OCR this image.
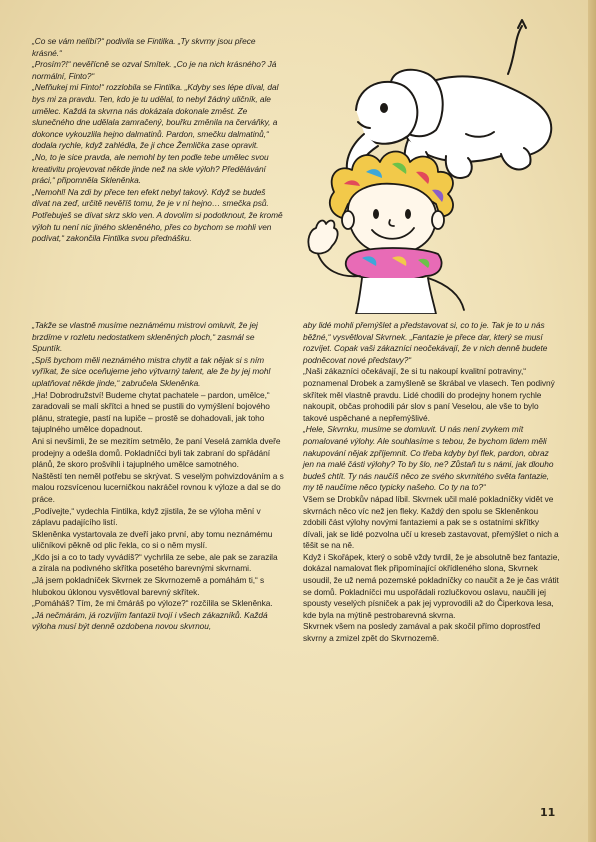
„Co se vám nelíbí?“ podivila se Fintilka. „Ty skvrny jsou přece krásné.“

„Prosím?!“ nevěřícně se ozval Smítek. „Co je na nich krásného? Já normální, Finto?“

„Nefňukej mi Finto!“ rozzlobila se Fintilka. „Kdyby ses lépe díval, dal bys mi za pravdu. Ten, kdo je tu udělal, to nebyl žádný uličník, ale umělec. Každá ta skvrna nás dokázala dokonale změst. Ze slunečného dne udělala zamračený, bouřku změnila na červáňky, a dokonce vykouzlila hejno dalmatinů. Pardon, smečku dalmatinů,“ dodala rychle, když zahlédla, že ji chce Žemlička zase opravit.

„No, to je sice pravda, ale nemohl by ten podle tebe umělec svou kreativitu projevovat někde jinde než na skle výloh? Předělávání práci,“ připomněla Skleněnka.

„Nemohl! Na zdi by přece ten efekt nebyl takový. Když se budeš dívat na zeď, určitě nevěříš tomu, že je v ní hejno… smečka psů. Potřebuješ se dívat skrz sklo ven. A dovolím si podotknout, že kromě výloh tu není nic jiného skleněného, přes co bychom se mohli ven podívat,“ zakončila Fintilka svou přednášku.

„Takže se vlastně musíme neznámému mistrovi omluvit, že jej brzdíme v rozletu nedostatkem skleněných ploch,“ zasmál se Spuntík.

„Spíš bychom měli neznámého mistra chytit a tak nějak si s ním vyříkat, že sice oceňujeme jeho výtvarný talent, ale že by jej mohl uplatňovat někde jinde,“ zabručela Skleněnka.

„Ha! Dobrodružství! Budeme chytat pachatele – pardon, umělce,“ zaradovali se malí skřítci a hned se pustili do vymýšlení bojového plánu, strategie, pastí na lupiče – prostě se dohadovali, jak toho tajuplného umělce dopadnout.

Ani si nevšimli, že se mezitím setmělo, že paní Veselá zamkla dveře prodejny a odešla domů. Pokladníčci byli tak zabraní do spřádání plánů, že skoro prošvihli i tajuplného umělce samotného.

Naštěstí ten neměl potřebu se skrývat. S veselým pohvizdováním a s malou rozsvícenou lucerničkou nakráčel rovnou k výloze a dal se do práce.

„Podívejte,“ vydechla Fintilka, když zjistila, že se výloha mění v záplavu padajícího listí.

Skleněnka vystartovala ze dveří jako první, aby tomu neznámému uličníkovi pěkně od plic řekla, co si o něm myslí.

„Kdo jsi a co to tady vyvádíš?“ vychrlila ze sebe, ale pak se zarazila a zírala na podivného skřítka posetého barevnými skvrnami.

„Já jsem pokladníček Skvrnek ze Skvrnozemě a pomáhám ti,“ s hlubokou úklonou vysvětloval barevný skřítek.

„Pomáháš? Tím, že mi čmáráš po výloze?“ rozčílila se Skleněnka.

„Já nečmárám, já rozvíjím fantazii tvojí i všech zákazníků. Každá výloha musí být denně ozdobena novou skvrnou,

aby lidé mohli přemýšlet a představovat si, co to je. Tak je to u nás běžné,“ vysvětloval Skvrnek. „Fantazie je přece dar, který se musí rozvíjet. Copak vaši zákazníci neočekávají, že v nich denně budete podněcovat nové představy?“

„Naši zákazníci očekávají, že si tu nakoupí kvalitní potraviny,“ poznamenal Drobek a zamyšleně se škrábal ve vlasech. Ten podivný skřítek měl vlastně pravdu. Lidé chodili do prodejny honem rychle nakoupit, občas prohodili pár slov s paní Veselou, ale vše to bylo takové uspěchané a nepřemýšlivé.

„Hele, Skvrnku, musíme se domluvit. U nás není zvykem mít pomalované výlohy. Ale souhlasíme s tebou, že bychom lidem měli nakupování nějak zpříjemnit. Co třeba kdyby byl flek, pardon, obraz jen na malé části výlohy? To by šlo, ne? Zůstaň tu s námi, jak dlouho budeš chtít. Ty nás naučíš něco ze svého skvrnitého světa fantazie, my tě naučíme něco typicky našeho. Co ty na to?“

Všem se Drobkův nápad líbil. Skvrnek učil malé pokladníčky vidět ve skvrnách něco víc než jen fleky. Každý den spolu se Skleněnkou zdobili část výlohy novými fantaziemi a pak se s ostatními skřítky dívali, jak se lidé pozvolna učí u kreseb zastavovat, přemýšlet o nich a těšit se na ně.

Když i Skořápek, který o sobě vždy tvrdil, že je absolutně bez fantazie, dokázal namalovat flek připomínající okřídleného slona, Skvrnek usoudil, že už nemá pozemské pokladníčky co naučit a že je čas vrátit se domů. Pokladníčci mu uspořádali rozlučkovou oslavu, naučili jej spousty veselých písniček a pak jej vyprovodili až do Čiperkova lesa, kde byla na mýtině pestrobarevná skvrna.

Skvrnek všem na posledy zamával a pak skočil přímo doprostřed skvrny a zmizel zpět do Skvrnozemě.

11
